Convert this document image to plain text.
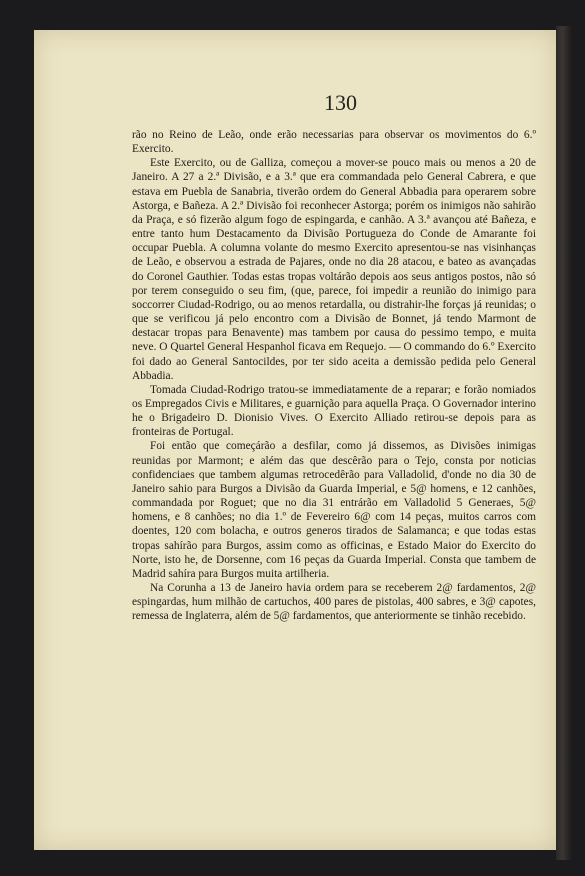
130

rão no Reino de Leão, onde erão necessarias para observar os movimentos do 6.º Exercito.

Este Exercito, ou de Galliza, começou a mover-se pouco mais ou menos a 20 de Janeiro. A 27 a 2.ª Divisão, e a 3.ª que era commandada pelo General Cabrera, e que estava em Puebla de Sanabria, tiverão ordem do General Abbadia para operarem sobre Astorga, e Bañeza. A 2.ª Divisão foi reconhecer Astorga; porém os inimigos não sahirão da Praça, e só fizerão algum fogo de espingarda, e canhão. A 3.ª avançou até Bañeza, e entre tanto hum Destacamento da Divisão Portugueza do Conde de Amarante foi occupar Puebla. A columna volante do mesmo Exercito apresentou-se nas visinhanças de Leão, e observou a estrada de Pajares, onde no dia 28 atacou, e bateo as avançadas do Coronel Gauthier. Todas estas tropas voltárão depois aos seus antigos postos, não só por terem conseguido o seu fim, (que, parece, foi impedir a reunião do inimigo para soccorrer Ciudad-Rodrigo, ou ao menos retardalla, ou distrahir-lhe forças já reunidas; o que se verificou já pelo encontro com a Divisão de Bonnet, já tendo Marmont de destacar tropas para Benavente) mas tambem por causa do pessimo tempo, e muita neve. O Quartel General Hespanhol ficava em Requejo. — O commando do 6.º Exercito foi dado ao General Santocildes, por ter sido aceita a demissão pedida pelo General Abbadia.

Tomada Ciudad-Rodrigo tratou-se immediatamente de a reparar; e forão nomiados os Empregados Civis e Militares, e guarnição para aquella Praça. O Governador interino he o Brigadeiro D. Dionisio Vives. O Exercito Alliado retirou-se depois para as fronteiras de Portugal.

Foi então que começárão a desfilar, como já dissemos, as Divisões inimigas reunidas por Marmont; e além das que descêrão para o Tejo, consta por noticias confidenciaes que tambem algumas retrocedêrão para Valladolid, d'onde no dia 30 de Janeiro sahio para Burgos a Divisão da Guarda Imperial, e 5@ homens, e 12 canhões, commandada por Roguet; que no dia 31 entrárão em Valladolid 5 Generaes, 5@ homens, e 8 canhões; no dia 1.º de Fevereiro 6@ com 14 peças, muitos carros com doentes, 120 com bolacha, e outros generos tirados de Salamanca; e que todas estas tropas sahírão para Burgos, assim como as officinas, e Estado Maior do Exercito do Norte, isto he, de Dorsenne, com 16 peças da Guarda Imperial. Consta que tambem de Madrid sahíra para Burgos muita artilheria.

Na Corunha a 13 de Janeiro havia ordem para se receberem 2@ fardamentos, 2@ espingardas, hum milhão de cartuchos, 400 pares de pistolas, 400 sabres, e 3@ capotes, remessa de Inglaterra, além de 5@ fardamentos, que anteriormente se tinhão recebido.
